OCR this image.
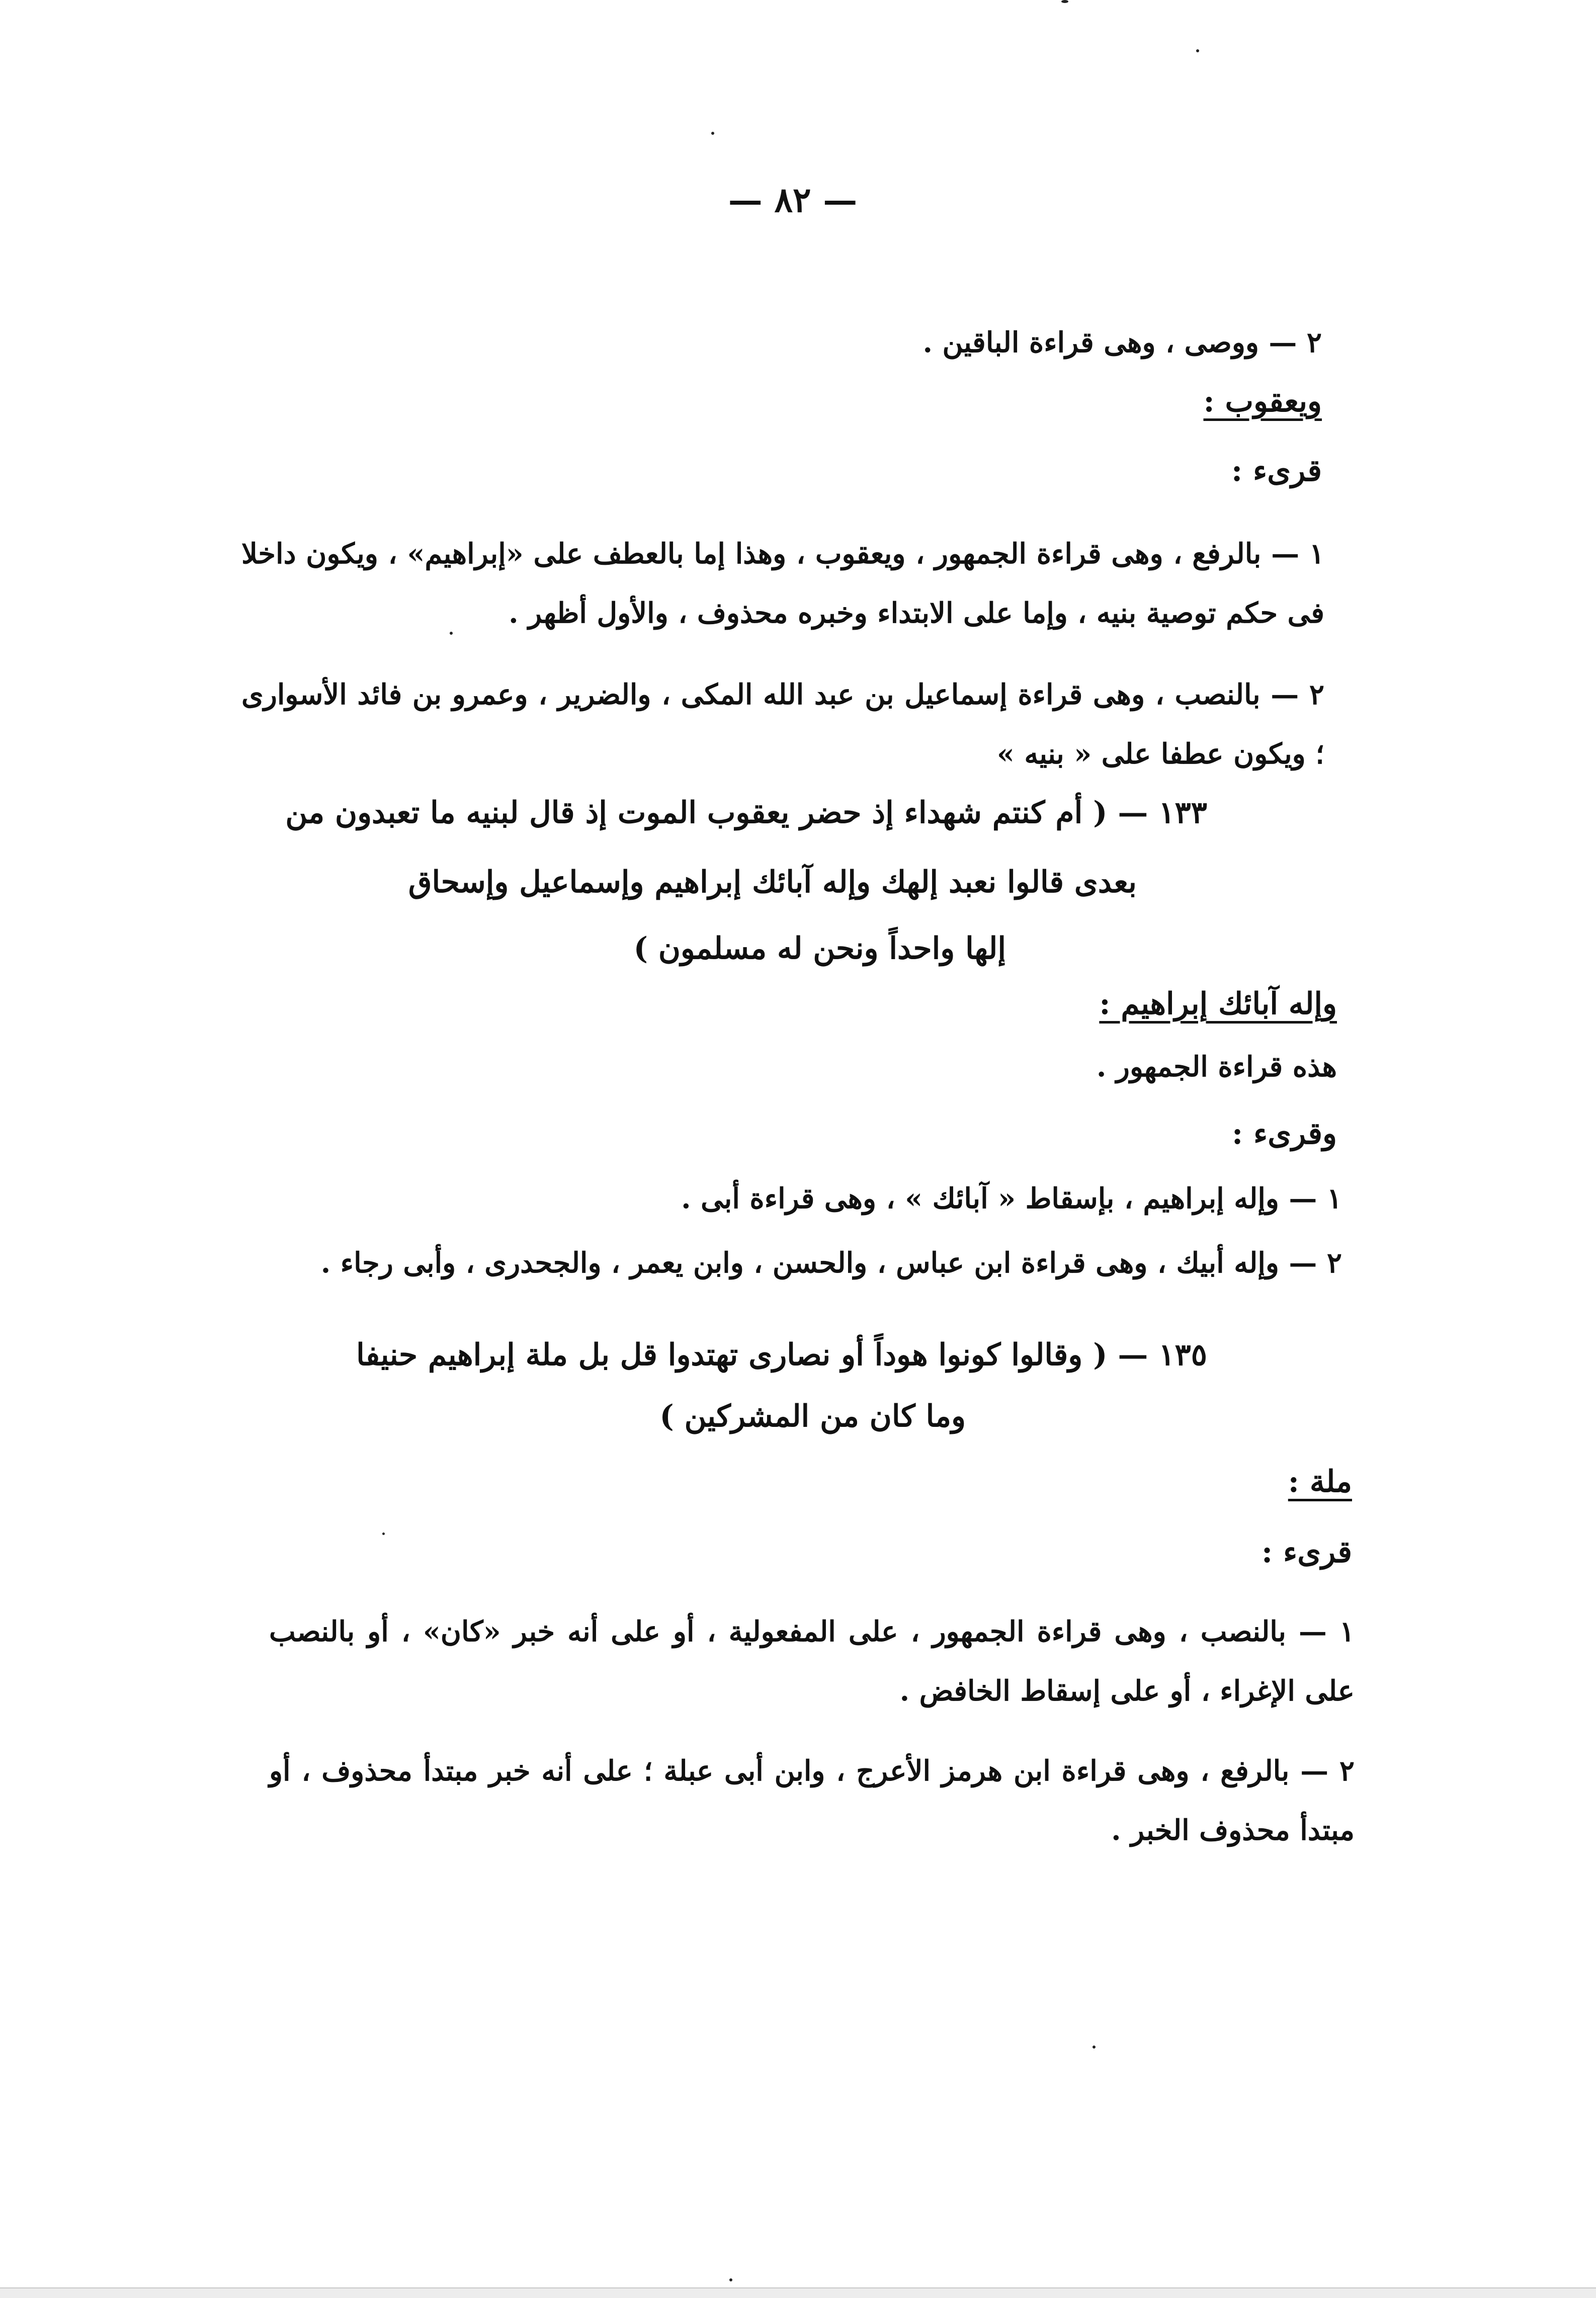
— ٨٢ —
٢ — ووصى ، وهى قراءة الباقين .
ويعقوب :
قرىء :
١ — بالرفع ، وهى قراءة الجمهور ، ويعقوب ، وهذا إما بالعطف على «إبراهيم» ، ويكون داخلا فى حكم توصية بنيه ، وإما على الابتداء وخبره محذوف ، والأول أظهر .
٢ — بالنصب ، وهى قراءة إسماعيل بن عبد الله المكى ، والضرير ، وعمرو بن فائد الأسوارى ؛ ويكون عطفا على « بنيه »
١٣٣ — ( أم كنتم شهداء إذ حضر يعقوب الموت إذ قال لبنيه ما تعبدون من
بعدى قالوا نعبد إلهك وإله آبائك إبراهيم وإسماعيل وإسحاق
إلها واحداً ونحن له مسلمون )
وإله آبائك إبراهيم :
هذه قراءة الجمهور .
وقرىء :
١ — وإله إبراهيم ، بإسقاط « آبائك » ، وهى قراءة أبى .
٢ — وإله أبيك ، وهى قراءة ابن عباس ، والحسن ، وابن يعمر ، والجحدرى ، وأبى رجاء .
١٣٥ — ( وقالوا كونوا هوداً أو نصارى تهتدوا قل بل ملة إبراهيم حنيفا
وما كان من المشركين )
ملة :
قرىء :
١ — بالنصب ، وهى قراءة الجمهور ، على المفعولية ، أو على أنه خبر «كان» ، أو بالنصب على الإغراء ، أو على إسقاط الخافض .
٢ — بالرفع ، وهى قراءة ابن هرمز الأعرج ، وابن أبى عبلة ؛ على أنه خبر مبتدأ محذوف ، أو مبتدأ محذوف الخبر .
